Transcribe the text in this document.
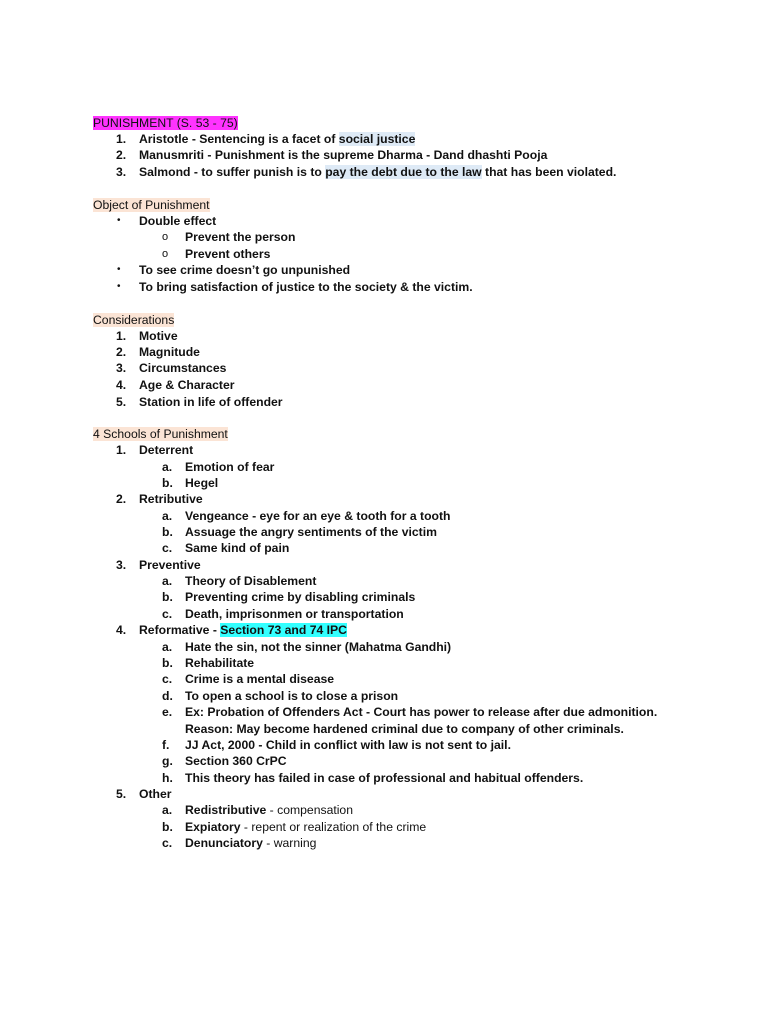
PUNISHMENT (S. 53 - 75)
1. Aristotle - Sentencing is a facet of social justice
2. Manusmriti - Punishment is the supreme Dharma - Dand dhashti Pooja
3. Salmond - to suffer punish is to pay the debt due to the law that has been violated.
Object of Punishment
• Double effect
o Prevent the person
o Prevent others
• To see crime doesn’t go unpunished
• To bring satisfaction of justice to the society & the victim.
Considerations
1. Motive
2. Magnitude
3. Circumstances
4. Age & Character
5. Station in life of offender
4 Schools of Punishment
1. Deterrent
a. Emotion of fear
b. Hegel
2. Retributive
a. Vengeance - eye for an eye & tooth for a tooth
b. Assuage the angry sentiments of the victim
c. Same kind of pain
3. Preventive
a. Theory of Disablement
b. Preventing crime by disabling criminals
c. Death, imprisonmen or transportation
4. Reformative - Section 73 and 74 IPC
a. Hate the sin, not the sinner (Mahatma Gandhi)
b. Rehabilitate
c. Crime is a mental disease
d. To open a school is to close a prison
e. Ex: Probation of Offenders Act - Court has power to release after due admonition.
Reason: May become hardened criminal due to company of other criminals.
f. JJ Act, 2000 - Child in conflict with law is not sent to jail.
g. Section 360 CrPC
h. This theory has failed in case of professional and habitual offenders.
5. Other
a. Redistributive - compensation
b. Expiatory - repent or realization of the crime
c. Denunciatory - warning
